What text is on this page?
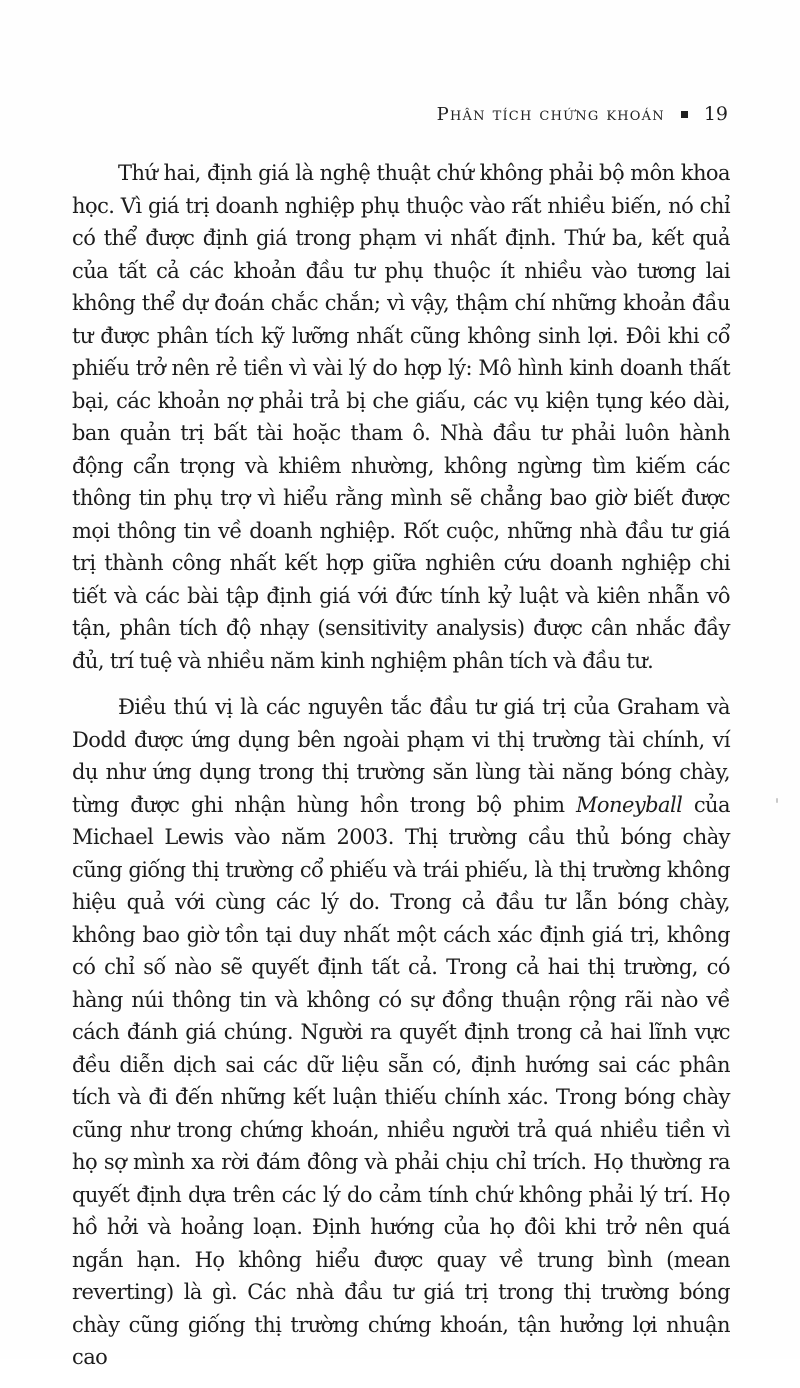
Phân tích chứng khoán 19

Thứ hai, định giá là nghệ thuật chứ không phải bộ môn khoa học. Vì giá trị doanh nghiệp phụ thuộc vào rất nhiều biến, nó chỉ có thể được định giá trong phạm vi nhất định. Thứ ba, kết quả của tất cả các khoản đầu tư phụ thuộc ít nhiều vào tương lai không thể dự đoán chắc chắn; vì vậy, thậm chí những khoản đầu tư được phân tích kỹ lưỡng nhất cũng không sinh lợi. Đôi khi cổ phiếu trở nên rẻ tiền vì vài lý do hợp lý: Mô hình kinh doanh thất bại, các khoản nợ phải trả bị che giấu, các vụ kiện tụng kéo dài, ban quản trị bất tài hoặc tham ô. Nhà đầu tư phải luôn hành động cẩn trọng và khiêm nhường, không ngừng tìm kiếm các thông tin phụ trợ vì hiểu rằng mình sẽ chẳng bao giờ biết được mọi thông tin về doanh nghiệp. Rốt cuộc, những nhà đầu tư giá trị thành công nhất kết hợp giữa nghiên cứu doanh nghiệp chi tiết và các bài tập định giá với đức tính kỷ luật và kiên nhẫn vô tận, phân tích độ nhạy (sensitivity analysis) được cân nhắc đầy đủ, trí tuệ và nhiều năm kinh nghiệm phân tích và đầu tư.

Điều thú vị là các nguyên tắc đầu tư giá trị của Graham và Dodd được ứng dụng bên ngoài phạm vi thị trường tài chính, ví dụ như ứng dụng trong thị trường săn lùng tài năng bóng chày, từng được ghi nhận hùng hồn trong bộ phim Moneyball của Michael Lewis vào năm 2003. Thị trường cầu thủ bóng chày cũng giống thị trường cổ phiếu và trái phiếu, là thị trường không hiệu quả với cùng các lý do. Trong cả đầu tư lẫn bóng chày, không bao giờ tồn tại duy nhất một cách xác định giá trị, không có chỉ số nào sẽ quyết định tất cả. Trong cả hai thị trường, có hàng núi thông tin và không có sự đồng thuận rộng rãi nào về cách đánh giá chúng. Người ra quyết định trong cả hai lĩnh vực đều diễn dịch sai các dữ liệu sẵn có, định hướng sai các phân tích và đi đến những kết luận thiếu chính xác. Trong bóng chày cũng như trong chứng khoán, nhiều người trả quá nhiều tiền vì họ sợ mình xa rời đám đông và phải chịu chỉ trích. Họ thường ra quyết định dựa trên các lý do cảm tính chứ không phải lý trí. Họ hồ hởi và hoảng loạn. Định hướng của họ đôi khi trở nên quá ngắn hạn. Họ không hiểu được quay về trung bình (mean reverting) là gì. Các nhà đầu tư giá trị trong thị trường bóng chày cũng giống thị trường chứng khoán, tận hưởng lợi nhuận cao
